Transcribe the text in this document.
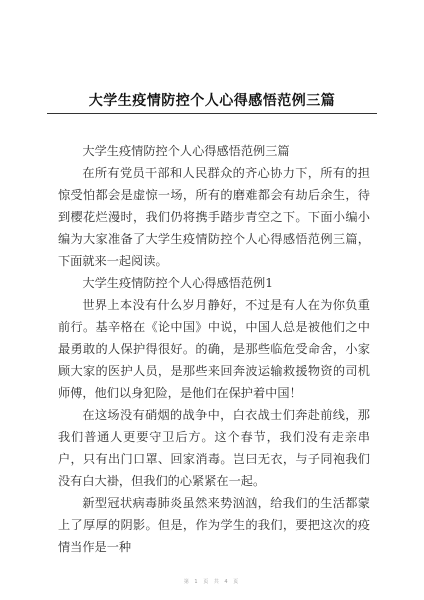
大学生疫情防控个人心得感悟范例三篇

大学生疫情防控个人心得感悟范例三篇

在所有党员干部和人民群众的齐心协力下，所有的担惊受怕都会是虚惊一场，所有的磨难都会有劫后余生，待到樱花烂漫时，我们仍将携手踏步青空之下。下面小编小编为大家准备了大学生疫情防控个人心得感悟范例三篇，下面就来一起阅读。

大学生疫情防控个人心得感悟范例1

世界上本没有什么岁月静好，不过是有人在为你负重前行。基辛格在《论中国》中说，中国人总是被他们之中最勇敢的人保护得很好。的确，是那些临危受命舍，小家顾大家的医护人员，是那些来回奔波运输救援物资的司机师傅，他们以身犯险，是他们在保护着中国！

在这场没有硝烟的战争中，白衣战士们奔赴前线，那我们普通人更要守卫后方。这个春节，我们没有走亲串户，只有出门口罩、回家消毒。岂曰无衣，与子同袍我们没有白大褂，但我们的心紧紧在一起。

新型冠状病毒肺炎虽然来势汹汹，给我们的生活都蒙上了厚厚的阴影。但是，作为学生的我们，要把这次的疫情当作是一种

第 1 页 共 4 页
